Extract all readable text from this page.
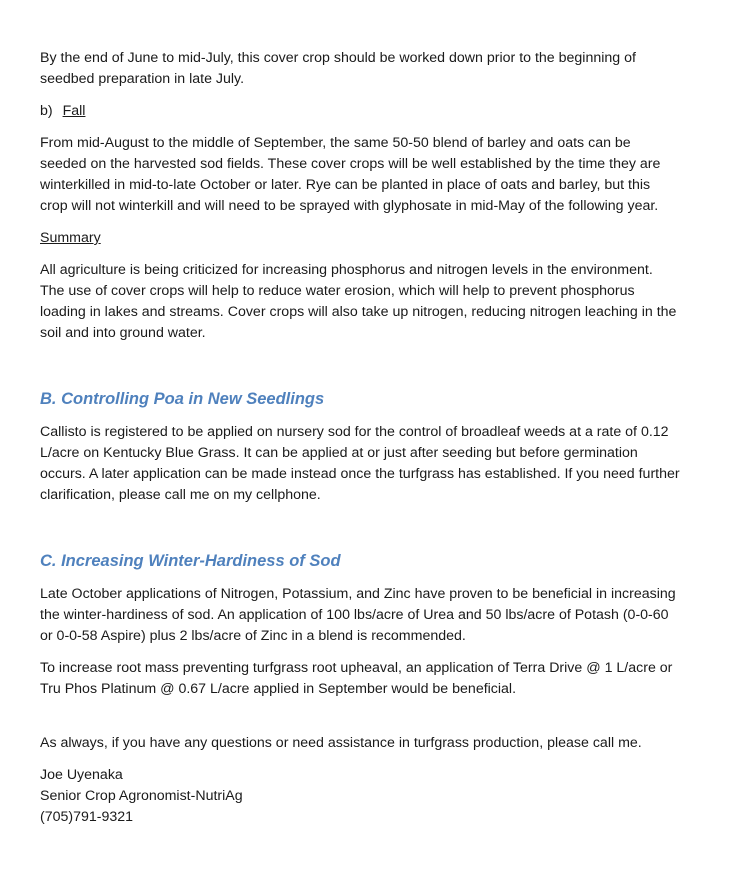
By the end of June to mid-July, this cover crop should be worked down prior to the beginning of seedbed preparation in late July.

b) Fall

From mid-August to the middle of September, the same 50-50 blend of barley and oats can be seeded on the harvested sod fields. These cover crops will be well established by the time they are winterkilled in mid-to-late October or later. Rye can be planted in place of oats and barley, but this crop will not winterkill and will need to be sprayed with glyphosate in mid-May of the following year.

Summary

All agriculture is being criticized for increasing phosphorus and nitrogen levels in the environment. The use of cover crops will help to reduce water erosion, which will help to prevent phosphorus loading in lakes and streams. Cover crops will also take up nitrogen, reducing nitrogen leaching in the soil and into ground water.

B. Controlling Poa in New Seedlings

Callisto is registered to be applied on nursery sod for the control of broadleaf weeds at a rate of 0.12 L/acre on Kentucky Blue Grass. It can be applied at or just after seeding but before germination occurs. A later application can be made instead once the turfgrass has established. If you need further clarification, please call me on my cellphone.

C. Increasing Winter-Hardiness of Sod

Late October applications of Nitrogen, Potassium, and Zinc have proven to be beneficial in increasing the winter-hardiness of sod. An application of 100 lbs/acre of Urea and 50 lbs/acre of Potash (0-0-60 or 0-0-58 Aspire) plus 2 lbs/acre of Zinc in a blend is recommended.

To increase root mass preventing turfgrass root upheaval, an application of Terra Drive @ 1 L/acre or Tru Phos Platinum @ 0.67 L/acre applied in September would be beneficial.

As always, if you have any questions or need assistance in turfgrass production, please call me.

Joe Uyenaka

Senior Crop Agronomist-NutriAg

(705)791-9321
